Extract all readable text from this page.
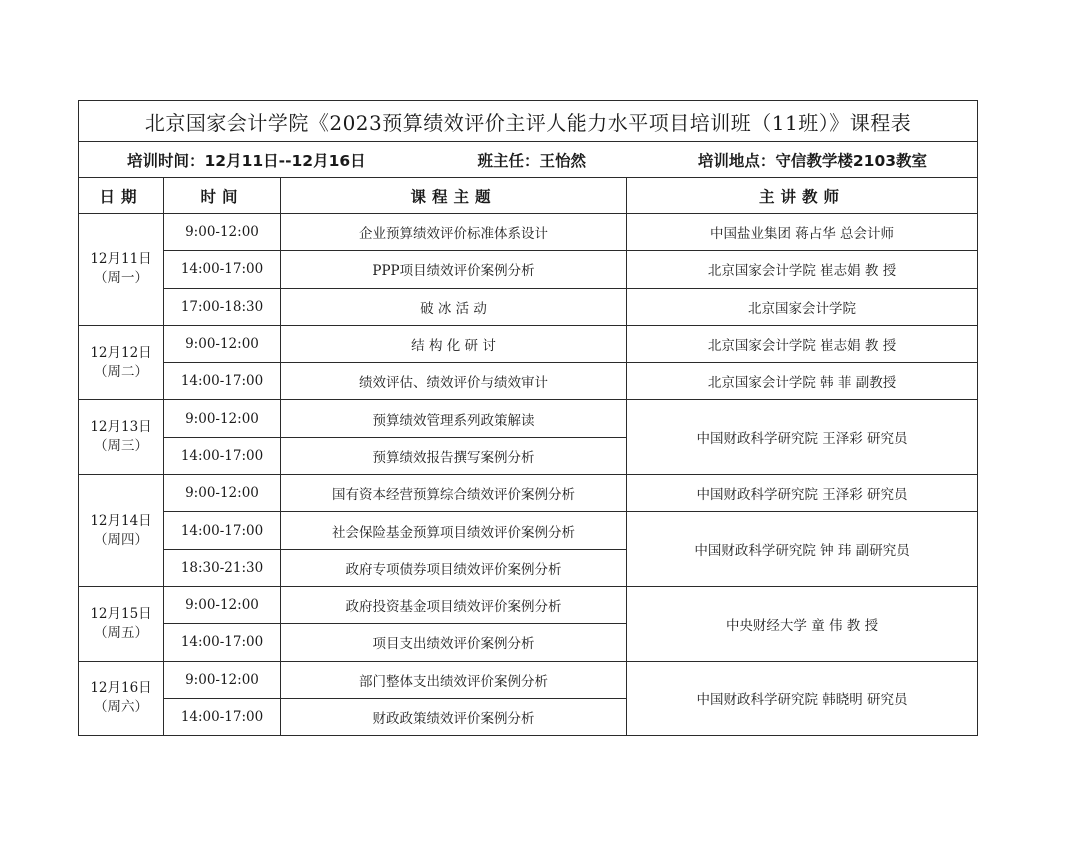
北京国家会计学院《2023预算绩效评价主评人能力水平项目培训班（11班）》课程表			

培训时间：12月11日--12月16日 班主任：王怡然 培训地点：守信教学楼2103教室			

日期	时间	课程主题	主讲教师

12月11日
（周一）	9:00-12:00	企业预算绩效评价标准体系设计	中国盐业集团 蒋占华 总会计师
	14:00-17:00	PPP项目绩效评价案例分析	北京国家会计学院 崔志娟 教 授
	17:00-18:30	破 冰 活 动	北京国家会计学院

12月12日
（周二）	9:00-12:00	结 构 化 研 讨	北京国家会计学院 崔志娟 教 授
	14:00-17:00	绩效评估、绩效评价与绩效审计	北京国家会计学院 韩 菲 副教授

12月13日
（周三）	9:00-12:00	预算绩效管理系列政策解读	中国财政科学研究院 王泽彩 研究员
	14:00-17:00	预算绩效报告撰写案例分析	

12月14日
（周四）	9:00-12:00	国有资本经营预算综合绩效评价案例分析	中国财政科学研究院 王泽彩 研究员
	14:00-17:00	社会保险基金预算项目绩效评价案例分析	中国财政科学研究院 钟 玮 副研究员
	18:30-21:30	政府专项债券项目绩效评价案例分析	

12月15日
（周五）	9:00-12:00	政府投资基金项目绩效评价案例分析	中央财经大学 童 伟 教 授
	14:00-17:00	项目支出绩效评价案例分析	

12月16日
（周六）	9:00-12:00	部门整体支出绩效评价案例分析	中国财政科学研究院 韩晓明 研究员
	14:00-17:00	财政政策绩效评价案例分析	
